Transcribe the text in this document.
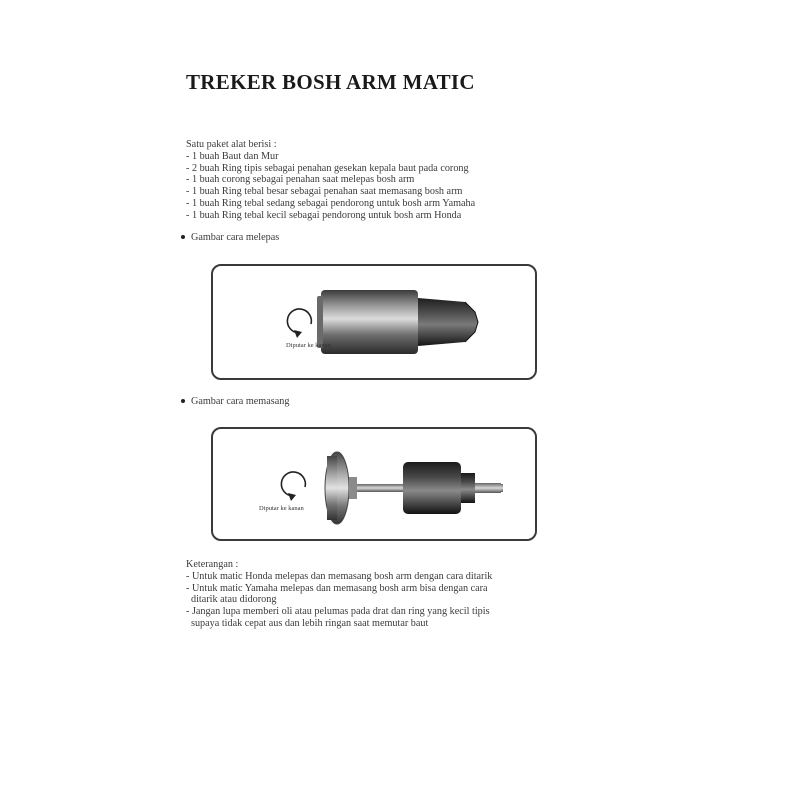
TREKER BOSH ARM MATIC
Satu paket alat berisi :
- 1 buah Baut dan Mur
- 2 buah Ring tipis sebagai penahan gesekan kepala baut pada corong
- 1 buah corong sebagai penahan saat melepas bosh arm
- 1 buah Ring tebal besar sebagai penahan saat memasang bosh arm
- 1 buah Ring tebal sedang sebagai pendorong untuk bosh arm Yamaha
- 1 buah Ring tebal kecil sebagai pendorong untuk bosh arm Honda
Gambar cara melepas
Diputar ke kanan
Gambar cara memasang
Diputar ke kanan
Keterangan :
- Untuk matic Honda melepas dan memasang bosh arm dengan cara ditarik
- Untuk matic Yamaha melepas dan memasang bosh arm bisa dengan cara
ditarik atau didorong
- Jangan lupa memberi oli atau pelumas pada drat dan ring yang kecil tipis
supaya tidak cepat aus dan lebih ringan saat memutar baut
